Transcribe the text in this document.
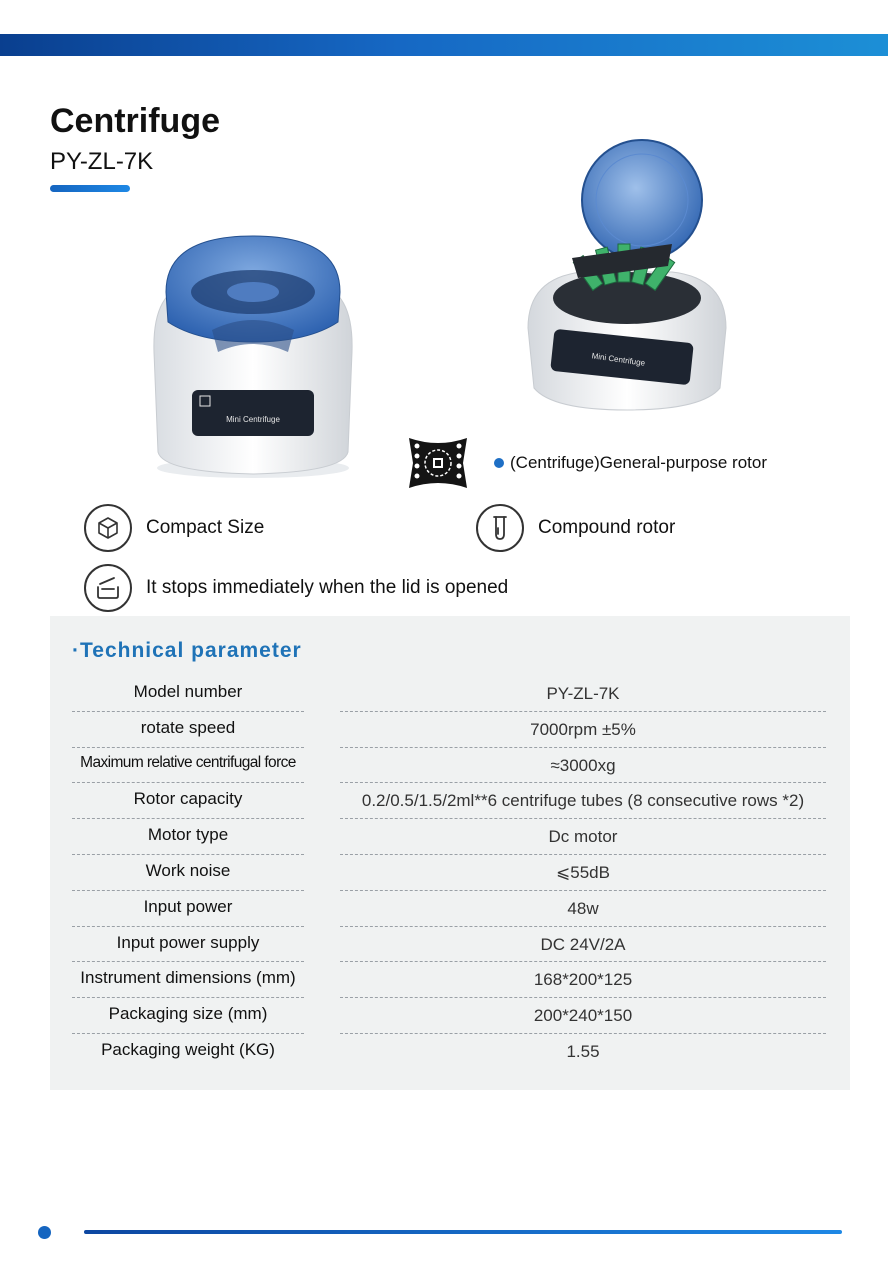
Centrifuge
PY-ZL-7K
Mini Centrifuge
Mini Centrifuge
(Centrifuge)General-purpose rotor
Compact Size	Compound rotor
It stops immediately when the lid is opened
·Technical parameter
Model number	PY-ZL-7K
rotate speed	7000rpm ±5%
Maximum relative centrifugal force	≈3000xg
Rotor capacity	0.2/0.5/1.5/2ml**6 centrifuge tubes (8 consecutive rows *2)
Motor type	Dc motor
Work noise	⩽55dB
Input power	48w
Input power supply	DC 24V/2A
Instrument dimensions (mm)	168*200*125
Packaging size (mm)	200*240*150
Packaging weight (KG)	1.55
